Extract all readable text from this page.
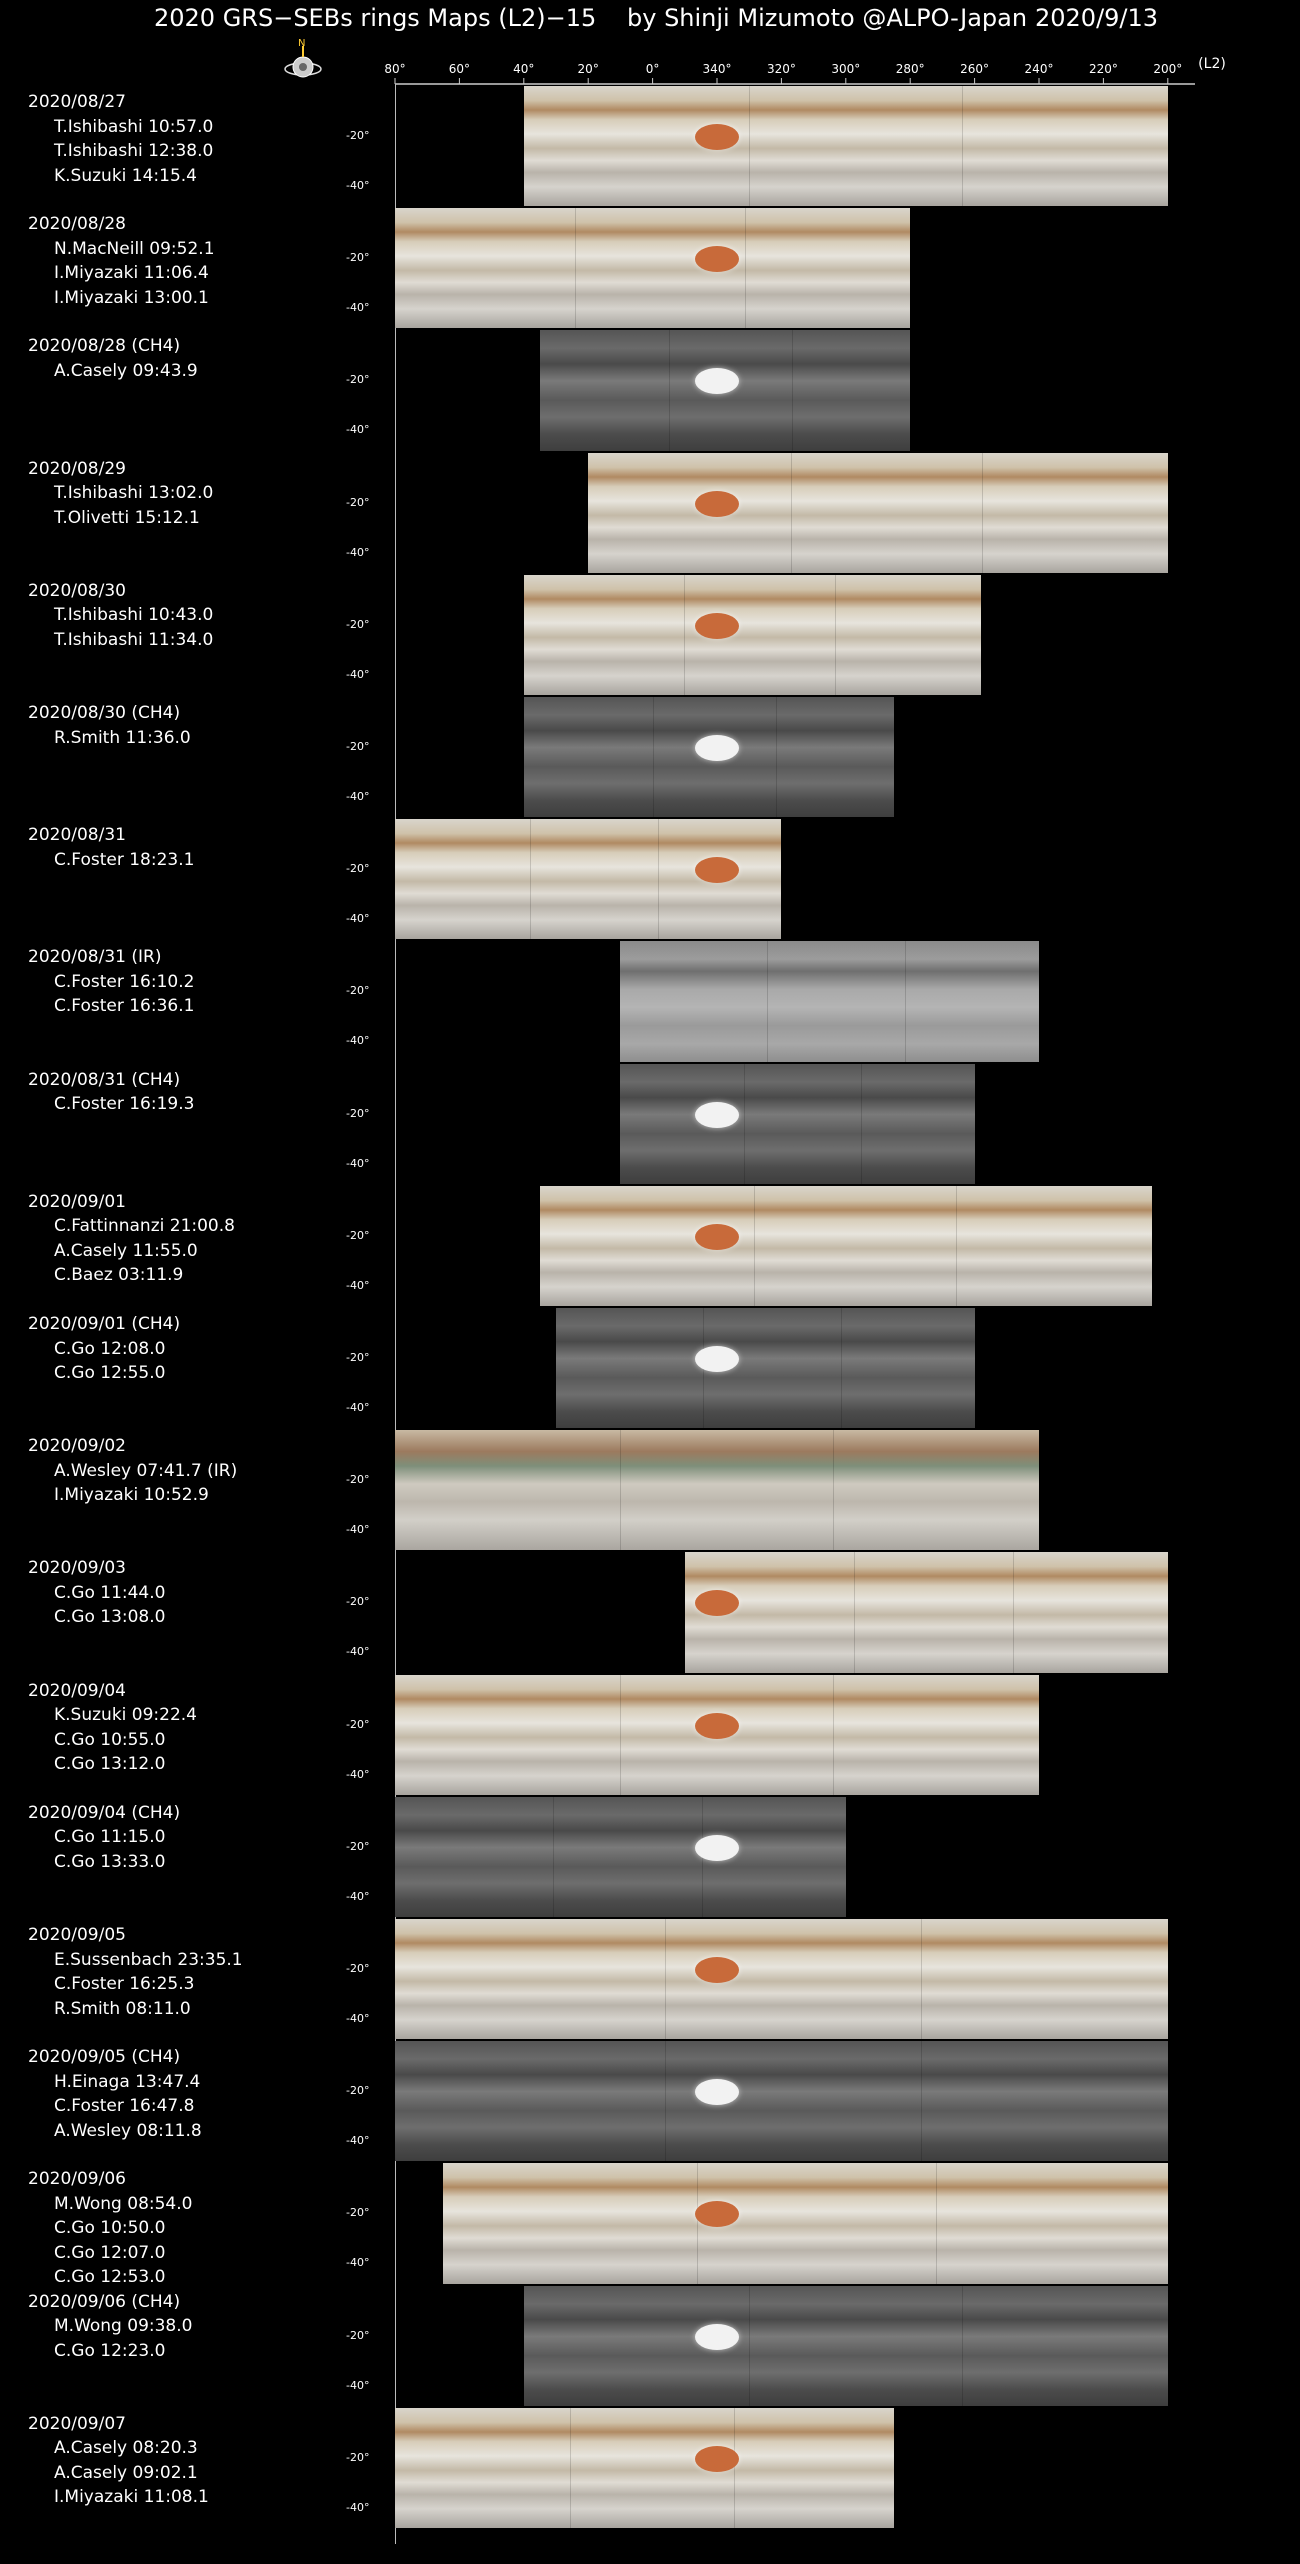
2020 GRS−SEBs rings Maps (L2)−15 by Shinji Mizumoto @ALPO-Japan 2020/9/13
N
80°	60°	40°	20°	0°	340°	320°	300°	280°	260°	240°	220°	200° (L2)
2020/08/27
T.Ishibashi 10:57.0
T.Ishibashi 12:38.0
K.Suzuki 14:15.4
-20°
-40°
2020/08/28
N.MacNeill 09:52.1
I.Miyazaki 11:06.4
I.Miyazaki 13:00.1
-20°
-40°
2020/08/28 (CH4)
A.Casely 09:43.9	-20°
-40°
2020/08/29
T.Ishibashi 13:02.0
T.Olivetti 15:12.1
-20°
-40°
2020/08/30
T.Ishibashi 10:43.0
T.Ishibashi 11:34.0
-20°
-40°
2020/08/30 (CH4)
R.Smith 11:36.0	-20°
-40°
2020/08/31
C.Foster 18:23.1	-20°
-40°
2020/08/31 (IR)
C.Foster 16:10.2
C.Foster 16:36.1
-20°
-40°
2020/08/31 (CH4)
C.Foster 16:19.3	-20°
-40°
2020/09/01
C.Fattinnanzi 21:00.8
A.Casely 11:55.0
C.Baez 03:11.9
-20°
-40°
2020/09/01 (CH4)
C.Go 12:08.0
C.Go 12:55.0
-20°
-40°
2020/09/02
A.Wesley 07:41.7 (IR)
I.Miyazaki 10:52.9
-20°
-40°
2020/09/03
C.Go 11:44.0
C.Go 13:08.0
-20°
-40°
2020/09/04
K.Suzuki 09:22.4
C.Go 10:55.0
C.Go 13:12.0
-20°
-40°
2020/09/04 (CH4)
C.Go 11:15.0
C.Go 13:33.0
-20°
-40°
2020/09/05
E.Sussenbach 23:35.1
C.Foster 16:25.3
R.Smith 08:11.0
-20°
-40°
2020/09/05 (CH4)
H.Einaga 13:47.4
C.Foster 16:47.8
A.Wesley 08:11.8
-20°
-40°
2020/09/06
M.Wong 08:54.0
C.Go 10:50.0
C.Go 12:07.0
C.Go 12:53.0
-20°
-40°
2020/09/06 (CH4)
M.Wong 09:38.0
C.Go 12:23.0
-20°
-40°
2020/09/07
A.Casely 08:20.3
A.Casely 09:02.1
I.Miyazaki 11:08.1
-20°
-40°
